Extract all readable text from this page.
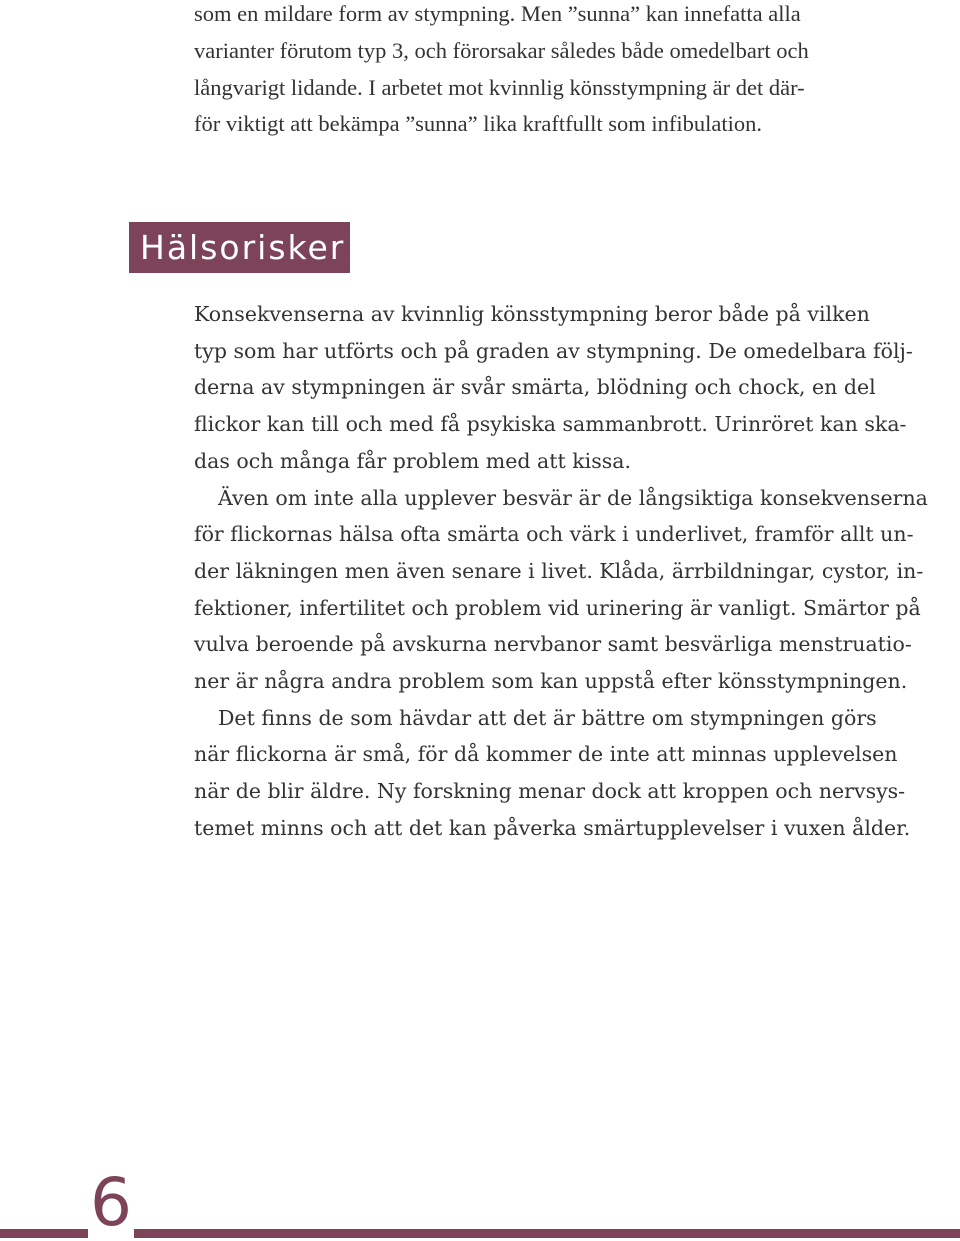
som en mildare form av stympning. Men ”sunna” kan innefatta alla
varianter förutom typ 3, och förorsakar således både omedelbart och
långvarigt lidande. I arbetet mot kvinnlig könsstympning är det där-
för viktigt att bekämpa ”sunna” lika kraftfullt som infibulation.
Hälsorisker
Konsekvenserna av kvinnlig könsstympning beror både på vilken
typ som har utförts och på graden av stympning. De omedelbara följ-
derna av stympningen är svår smärta, blödning och chock, en del
flickor kan till och med få psykiska sammanbrott. Urinröret kan ska-
das och många får problem med att kissa.
Även om inte alla upplever besvär är de långsiktiga konsekvenserna
för flickornas hälsa ofta smärta och värk i underlivet, framför allt un-
der läkningen men även senare i livet. Klåda, ärrbildningar, cystor, in-
fektioner, infertilitet och problem vid urinering är vanligt. Smärtor på
vulva beroende på avskurna nervbanor samt besvärliga menstruatio-
ner är några andra problem som kan uppstå efter könsstympningen.
Det finns de som hävdar att det är bättre om stympningen görs
när flickorna är små, för då kommer de inte att minnas upplevelsen
när de blir äldre. Ny forskning menar dock att kroppen och nervsys-
temet minns och att det kan påverka smärtupplevelser i vuxen ålder.
6
